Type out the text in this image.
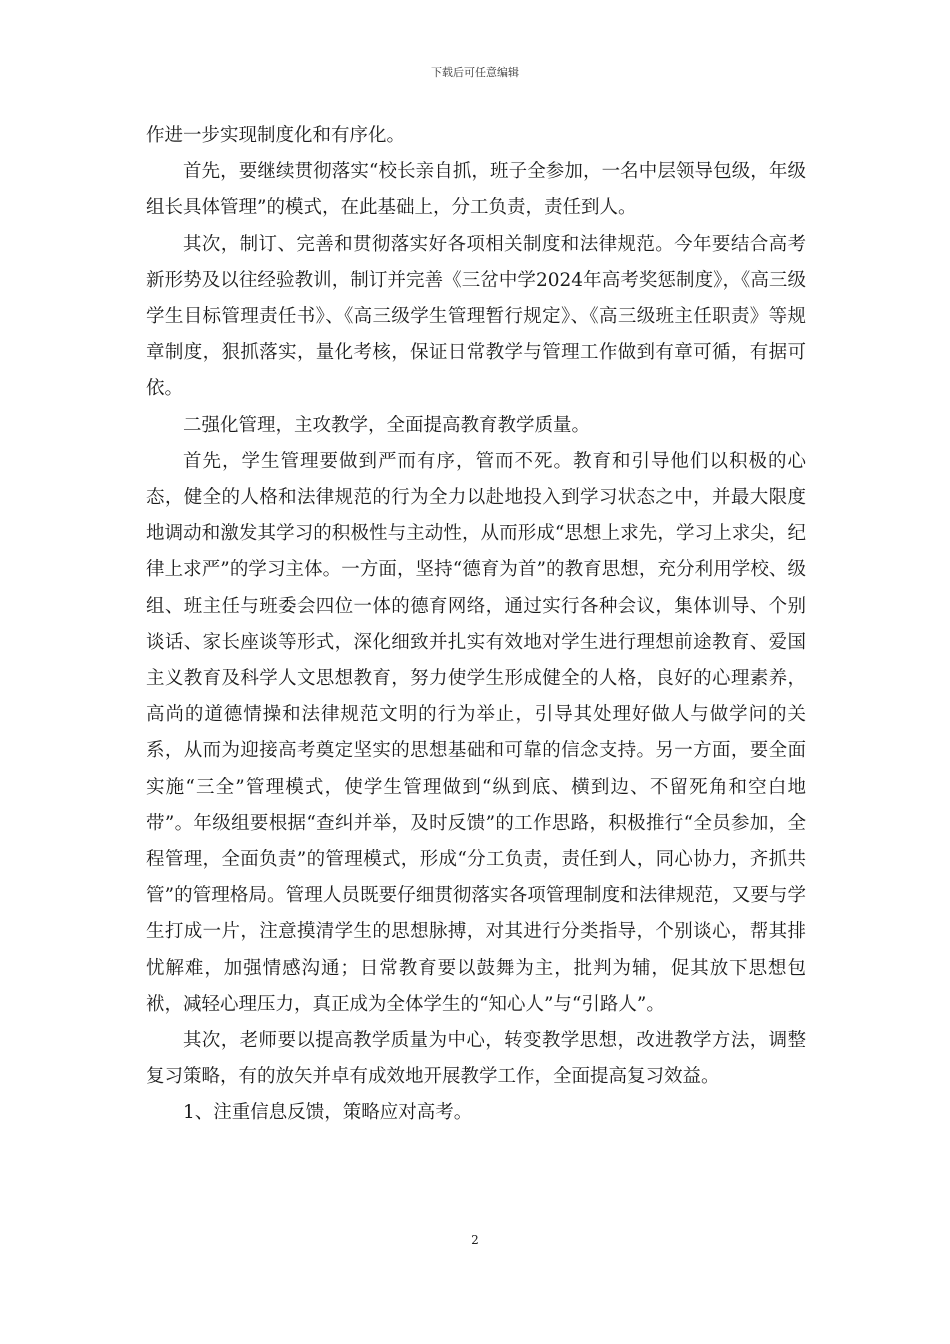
下载后可任意编辑

作进一步实现制度化和有序化。

首先，要继续贯彻落实“校长亲自抓，班子全参加，一名中层领导包级，年级组长具体管理”的模式，在此基础上，分工负责，责任到人。

其次，制订、完善和贯彻落实好各项相关制度和法律规范。今年要结合高考新形势及以往经验教训，制订并完善《三岔中学2024年高考奖惩制度》，《高三级学生目标管理责任书》、《高三级学生管理暂行规定》、《高三级班主任职责》等规章制度，狠抓落实，量化考核，保证日常教学与管理工作做到有章可循，有据可依。

二强化管理，主攻教学，全面提高教育教学质量。

首先，学生管理要做到严而有序，管而不死。教育和引导他们以积极的心态，健全的人格和法律规范的行为全力以赴地投入到学习状态之中，并最大限度地调动和激发其学习的积极性与主动性，从而形成“思想上求先，学习上求尖，纪律上求严”的学习主体。一方面，坚持“德育为首”的教育思想，充分利用学校、级组、班主任与班委会四位一体的德育网络，通过实行各种会议，集体训导、个别谈话、家长座谈等形式，深化细致并扎实有效地对学生进行理想前途教育、爱国主义教育及科学人文思想教育，努力使学生形成健全的人格，良好的心理素养，高尚的道德情操和法律规范文明的行为举止，引导其处理好做人与做学问的关系，从而为迎接高考奠定坚实的思想基础和可靠的信念支持。另一方面，要全面实施“三全”管理模式，使学生管理做到“纵到底、横到边、不留死角和空白地带”。年级组要根据“查纠并举，及时反馈”的工作思路，积极推行“全员参加，全程管理，全面负责”的管理模式，形成“分工负责，责任到人，同心协力，齐抓共管”的管理格局。管理人员既要仔细贯彻落实各项管理制度和法律规范，又要与学生打成一片，注意摸清学生的思想脉搏，对其进行分类指导，个别谈心，帮其排忧解难，加强情感沟通；日常教育要以鼓舞为主，批判为辅，促其放下思想包袱，减轻心理压力，真正成为全体学生的“知心人”与“引路人”。

其次，老师要以提高教学质量为中心，转变教学思想，改进教学方法，调整复习策略，有的放矢并卓有成效地开展教学工作，全面提高复习效益。

1、注重信息反馈，策略应对高考。

2
